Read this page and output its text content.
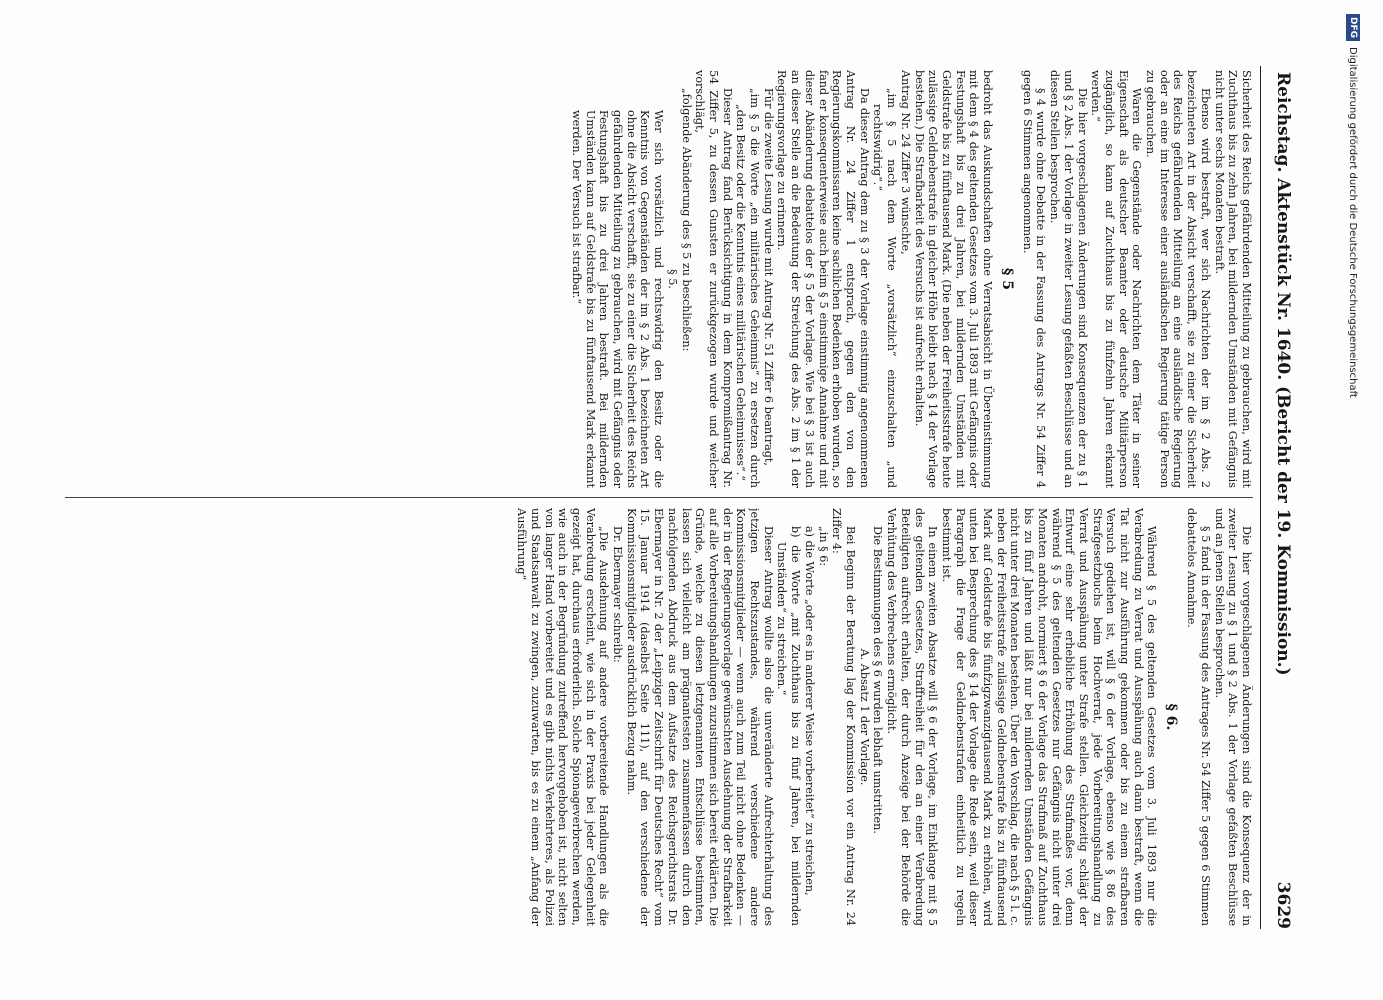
Reichstag. Aktenstück Nr. 1640.
(Bericht der 19. Kommission.)
3629

Sicherheit des Reichs gefährdenden Mitteilung zu gebrauchen, wird mit Zuchthaus bis zu zehn Jahren, bei mildernden Umständen mit Gefängnis nicht unter sechs Monaten bestraft.

Ebenso wird bestraft, wer sich Nachrichten der im § 2 Abs. 2 bezeichneten Art in der Absicht verschafft, sie zu einer die Sicherheit des Reichs gefährdenden Mitteilung an eine ausländische Regierung oder an eine im Interesse einer ausländischen Regierung tätige Person zu gebrauchen.

Waren die Gegenstände oder Nachrichten dem Täter in seiner Eigenschaft als deutscher Beamter oder deutsche Militärperson zugänglich, so kann auf Zuchthaus bis zu fünfzehn Jahren erkannt werden.“

Die hier vorgeschlagenen Änderungen sind Konsequenzen der zu § 1 und § 2 Abs. 1 der Vorlage in zweiter Lesung gefaßten Beschlüsse und an diesen Stellen besprochen.

§ 4 wurde ohne Debatte in der Fassung des Antrags Nr. 54 Ziffer 4 gegen 6 Stimmen angenommen.

§ 5

bedroht das Auskundschaften ohne Verratsabsicht in Übereinstimmung mit dem § 4 des geltenden Gesetzes vom 3. Juli 1893 mit Gefängnis oder Festungshaft bis zu drei Jahren, bei mildernden Umständen mit Geldstrafe bis zu fünftausend Mark. (Die neben der Freiheitsstrafe heute zulässige Geldnebenstrafe in gleicher Höhe bleibt nach § 14 der Vorlage bestehen.) Die Strafbarkeit des Versuchs ist aufrecht erhalten.

Antrag Nr. 24 Ziffer 3 wünschte,

„im § 5 nach dem Worte „vorsätzlich“ einzuschalten „und rechtswidrig“.“

Da dieser Antrag dem zu § 3 der Vorlage einstimmig angenommenen Antrag Nr. 24 Ziffer 1 entsprach, gegen den von den Regierungskommissaren keine sachlichen Bedenken erhoben wurden, so fand er konsequenterweise auch beim § 5 einstimmige Annahme und mit dieser Abänderung debattelos der § 5 der Vorlage. Wie bei § 3 ist auch an dieser Stelle an die Bedeutung der Streichung des Abs. 2 im § 1 der Regierungsvorlage zu erinnern.

Für die zweite Lesung wurde mit Antrag Nr. 51 Ziffer 6 beantragt,

„im § 5 die Worte „ein militärisches Geheimnis“ zu ersetzen durch „den Besitz oder die Kenntnis eines militärischen Geheimnisses“.“

Dieser Antrag fand Berücksichtigung in dem Kompromißantrag Nr. 54 Ziffer 5, zu dessen Gunsten er zurückgezogen wurde und welcher vorschlägt,

„folgende Abänderung des § 5 zu beschließen:

§ 5.

Wer sich vorsätzlich und rechtswidrig den Besitz oder die Kenntnis von Gegenständen der im § 2 Abs. 1 bezeichneten Art ohne die Absicht verschafft, sie zu einer die Sicherheit des Reichs gefährdenden Mitteilung zu gebrauchen, wird mit Gefängnis oder Festungshaft bis zu drei Jahren bestraft. Bei mildernden Umständen kann auf Geldstrafe bis zu fünftausend Mark erkannt werden. Der Versuch ist strafbar.“

Die hier vorgeschlagenen Änderungen sind die Konsequenz der in zweiter Lesung zu § 1 und § 2 Abs. 1 der Vorlage gefaßten Beschlüsse und an jenen Stellen besprochen.

§ 5 fand in der Fassung des Antrages Nr. 54 Ziffer 5 gegen 6 Stimmen debattelos Annahme.

§ 6.

Während § 5 des geltenden Gesetzes vom 3. Juli 1893 nur die Verabredung zu Verrat und Ausspähung auch dann bestraft, wenn die Tat nicht zur Ausführung gekommen oder bis zu einem strafbaren Versuch gediehen ist, will § 6 der Vorlage, ebenso wie § 86 des Strafgesetzbuchs beim Hochverrat, jede Vorbereitungshandlung zu Verrat und Ausspähung unter Strafe stellen. Gleichzeitig schlägt der Entwurf eine sehr erhebliche Erhöhung des Strafmaßes vor, denn während § 5 des geltenden Gesetzes nur Gefängnis nicht unter drei Monaten androht, normiert § 6 der Vorlage das Strafmaß auf Zuchthaus bis zu fünf Jahren und läßt nur bei mildernden Umständen Gefängnis nicht unter drei Monaten bestehen. Über den Vorschlag, die nach § 5 l. c. neben der Freiheitsstrafe zulässige Geldnebenstrafe bis zu fünftausend Mark auf Geldstrafe bis fünfzigzwanzigtausend Mark zu erhöhen, wird unten bei Besprechung des § 14 der Vorlage die Rede sein, weil dieser Paragraph die Frage der Geldnebenstrafen einheitlich zu regeln bestimmt ist.

In einem zweiten Absatze will § 6 der Vorlage, im Einklange mit § 5 des geltenden Gesetzes, Straffreiheit für den an einer Verabredung Beteiligten aufrecht erhalten, der durch Anzeige bei der Behörde die Verhütung des Verbrechens ermöglicht.

Die Bestimmungen des § 6 wurden lebhaft umstritten.

A. Absatz 1 der Vorlage.

Bei Beginn der Beratung lag der Kommission vor ein Antrag Nr. 24 Ziffer 4:

„in § 6:

a) die Worte „oder es in anderer Weise vorbereitet“ zu streichen,

b) die Worte „mit Zuchthaus bis zu fünf Jahren, bei mildernden Umständen“ zu streichen.“

Dieser Antrag wollte also die unveränderte Aufrechterhaltung des jetzigen Rechtszustandes, während verschiedene andere Kommissionsmitglieder — wenn auch zum Teil nicht ohne Bedenken — der in der Regierungsvorlage gewünschten Ausdehnung der Strafbarkeit auf alle Vorbereitungshandlungen zuzustimmen sich bereit erklärten. Die Gründe, welche zu diesen letztgenannten Entschlüsse bestimmten, lassen sich vielleicht am prägnantesten zusammenfassen durch den nachfolgenden Abdruck aus dem Aufsatze des Reichsgerichtsrats Dr. Ebermayer in Nr. 2 der „Leipziger Zeitschrift für Deutsches Recht“ vom 15. Januar 1914 (daselbst Seite 111), auf den verschiedene der Kommissionsmitglieder ausdrücklich Bezug nahm.

Dr. Ebermayer schreibt:

„Die Ausdehnung auf andere vorbereitende Handlungen als die Verabredung erscheint, wie sich in der Praxis bei jeder Gelegenheit gezeigt hat, durchaus erforderlich. Solche Spionageverbrechen werden, wie auch in der Begründung zutreffend hervorgehoben ist, nicht selten von langer Hand vorbereitet und es gibt nichts Verkehrteres, als Polizei und Staatsanwalt zu zwingen, zuzuwarten, bis es zu einem „Anfang der Ausführung“

DFGDigitalisierung gefördert durch die Deutsche Forschungsgemeinschaft
